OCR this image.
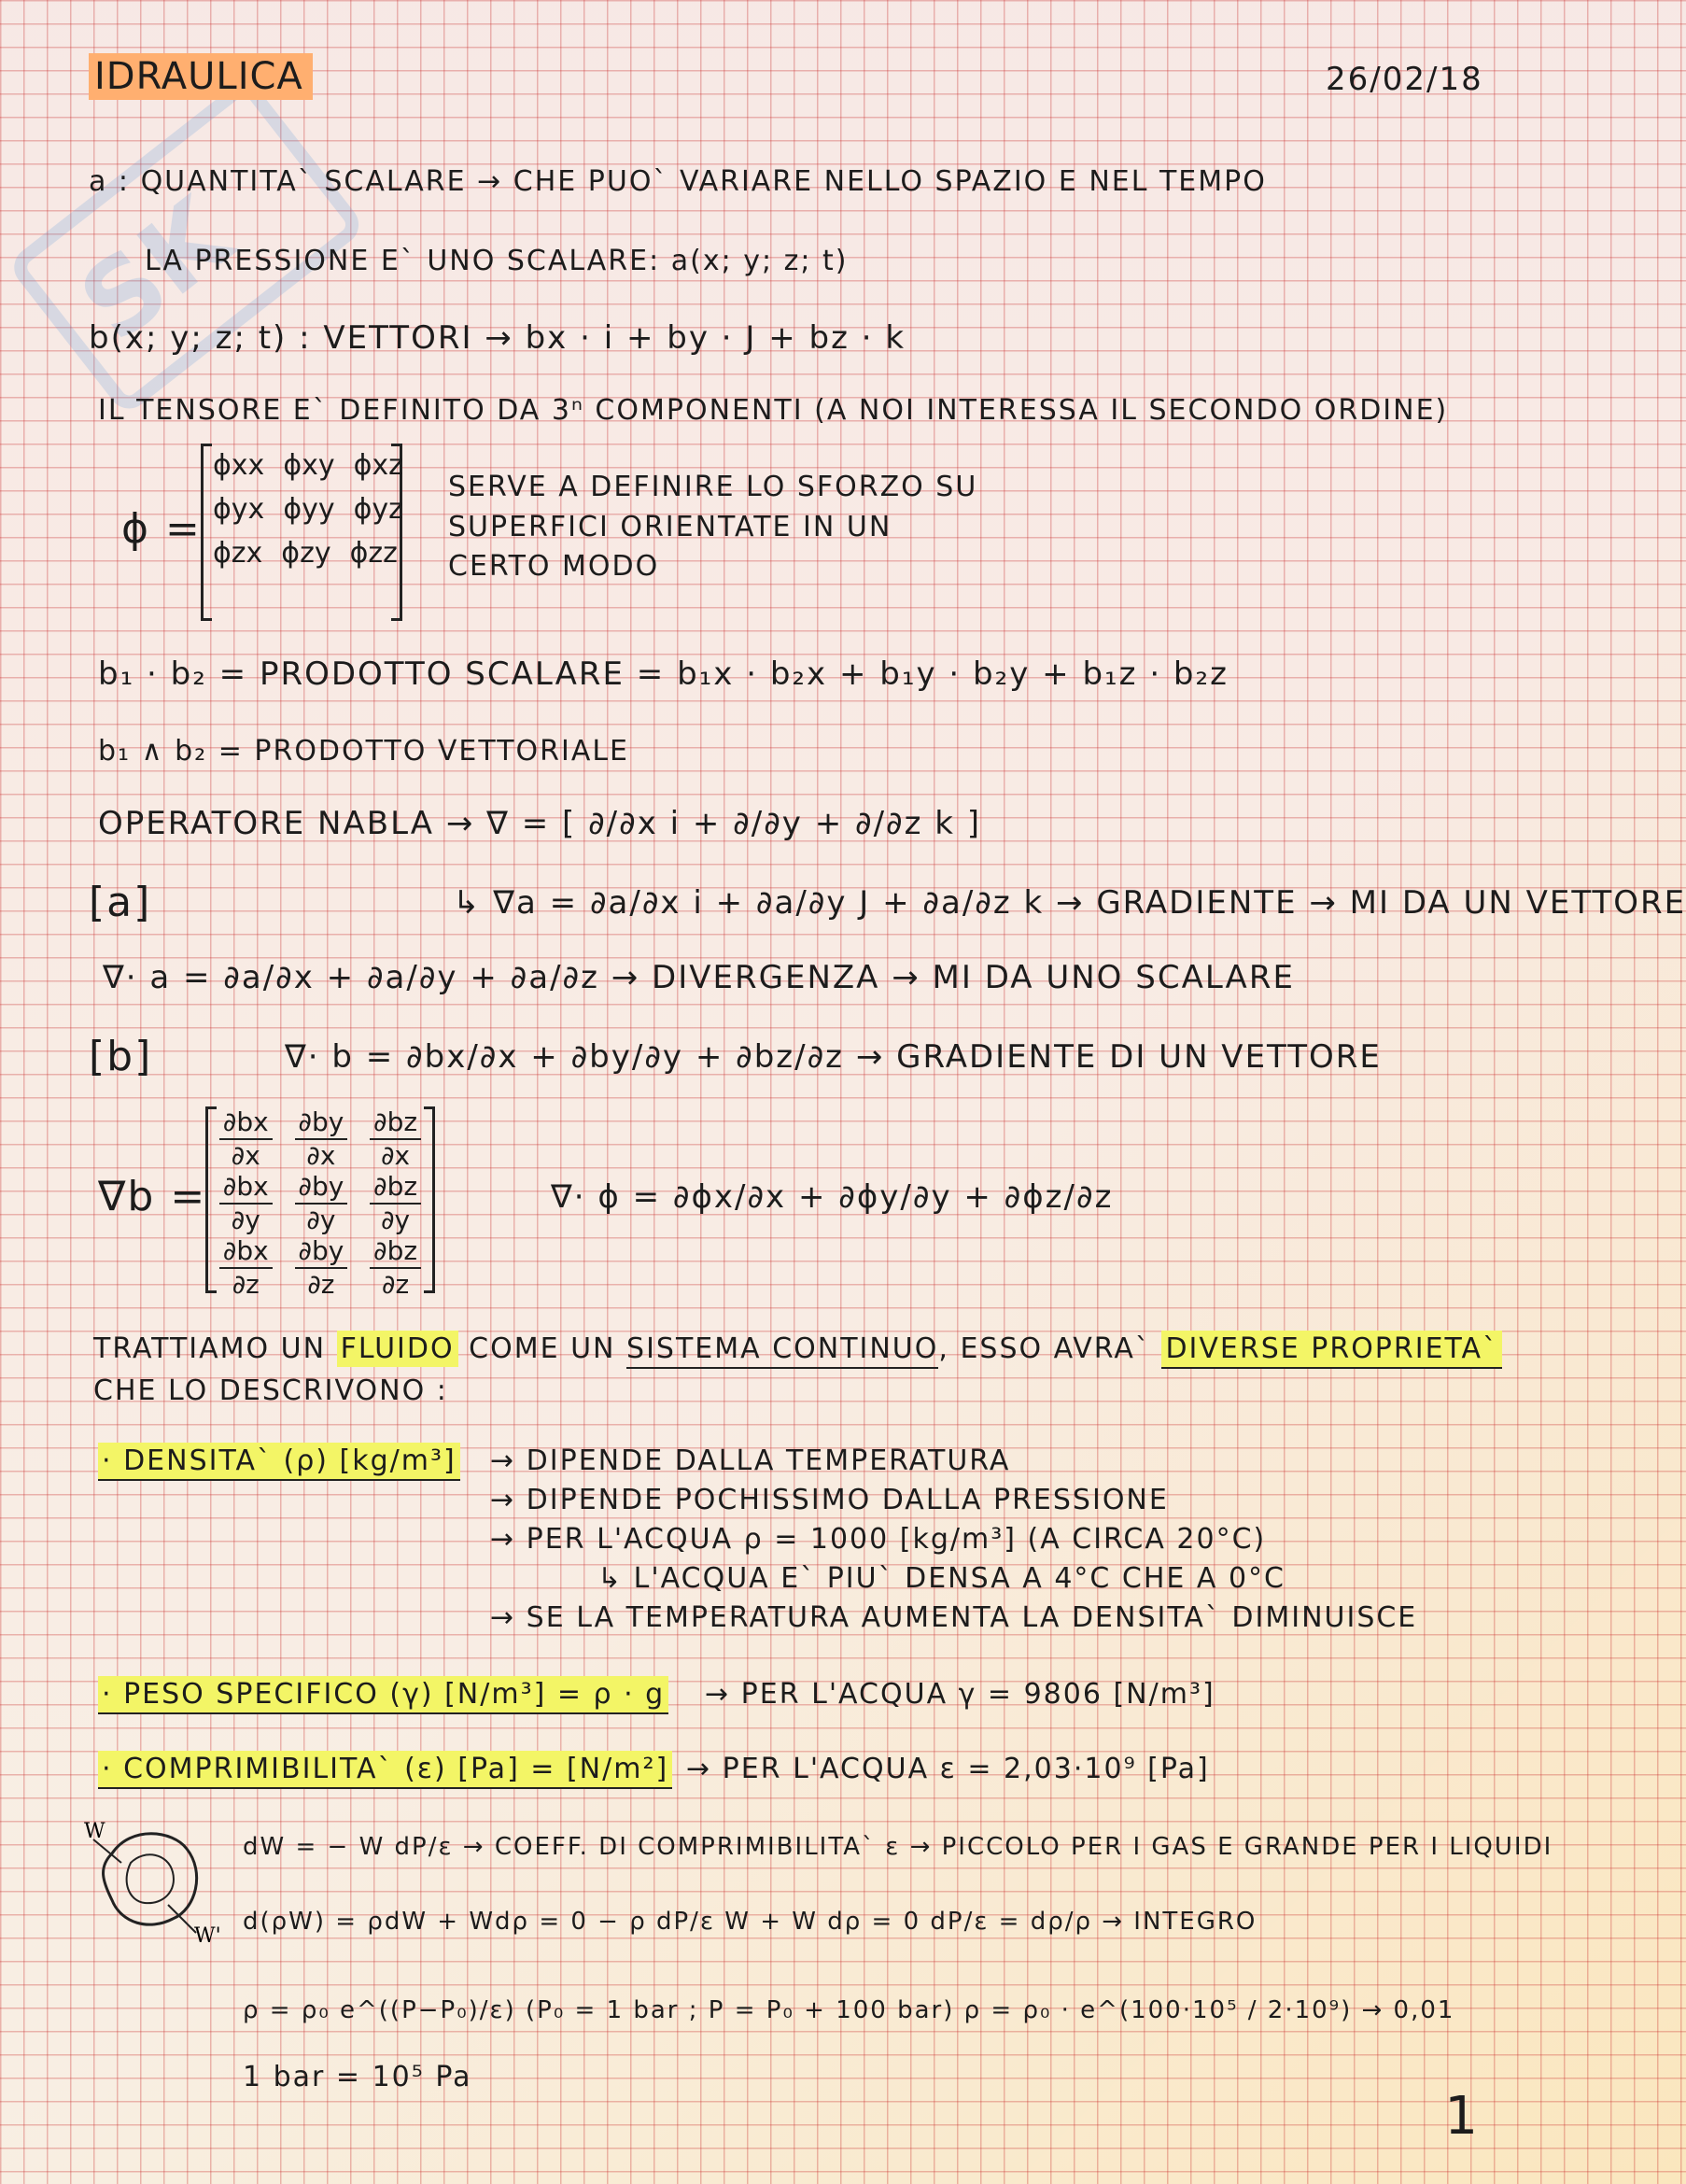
SK
IDRAULICA	26/02/18
a : QUANTITA` SCALARE → CHE PUO` VARIARE NELLO SPAZIO E NEL TEMPO
LA PRESSIONE E` UNO SCALARE: a(x; y; z; t)
b(x; y; z; t) : VETTORI → bx · i + by · J + bz · k
IL TENSORE E` DEFINITO DA 3ⁿ COMPONENTI (A NOI INTERESSA IL SECONDO ORDINE)
ϕ =
ϕxx ϕxy ϕxz
ϕyx ϕyy ϕyz
ϕzx ϕzy ϕzz
SERVE A DEFINIRE LO SFORZO SU
SUPERFICI ORIENTATE IN UN
CERTO MODO
b₁ · b₂ = PRODOTTO SCALARE = b₁x · b₂x + b₁y · b₂y + b₁z · b₂z
b₁ ∧ b₂ = PRODOTTO VETTORIALE
OPERATORE NABLA → ∇ = [ ∂/∂x i + ∂/∂y + ∂/∂z k ]
[a]	↳ ∇a = ∂a/∂x i + ∂a/∂y J + ∂a/∂z k → GRADIENTE → MI DA UN VETTORE
∇· a = ∂a/∂x + ∂a/∂y + ∂a/∂z → DIVERGENZA → MI DA UNO SCALARE
[b]	∇· b = ∂bx/∂x + ∂by/∂y + ∂bz/∂z → GRADIENTE DI UN VETTORE
∇b =
$\frac{\partial bx}{\partial x} \frac{\partial by}{\partial x} \frac{\partial bz}{\partial x}$
$\frac{\partial bx}{\partial y} \frac{\partial by}{\partial y} \frac{\partial bz}{\partial y}$
$\frac{\partial bx}{\partial z} \frac{\partial by}{\partial z} \frac{\partial bz}{\partial z}$
∇· ϕ = ∂ϕx/∂x + ∂ϕy/∂y + ∂ϕz/∂z
TRATTIAMO UN FLUIDO COME UN SISTEMA CONTINUO, ESSO AVRA` DIVERSE PROPRIETA`
CHE LO DESCRIVONO :
· DENSITA` (ρ) [kg/m³] → DIPENDE DALLA TEMPERATURA
→ DIPENDE POCHISSIMO DALLA PRESSIONE
→ PER L'ACQUA ρ = 1000 [kg/m³] (A CIRCA 20°C)
↳ L'ACQUA E` PIU` DENSA A 4°C CHE A 0°C
→ SE LA TEMPERATURA AUMENTA LA DENSITA` DIMINUISCE
· PESO SPECIFICO (γ) [N/m³] = ρ · g → PER L'ACQUA γ = 9806 [N/m³]
· COMPRIMIBILITA` (ε) [Pa] = [N/m²] → PER L'ACQUA ε = 2,03·10⁹ [Pa]
W
W'
dW = − W dP/ε → COEFF. DI COMPRIMIBILITA` ε → PICCOLO PER I GAS E GRANDE PER I LIQUIDI
d(ρW) = ρdW + Wdρ = 0 − ρ dP/ε W + W dρ = 0 dP/ε = dρ/ρ → INTEGRO
ρ = ρ₀ e^((P−P₀)/ε) (P₀ = 1 bar ; P = P₀ + 100 bar) ρ = ρ₀ · e^(100·10⁵ / 2·10⁹) → 0,01
1 bar = 10⁵ Pa
1
